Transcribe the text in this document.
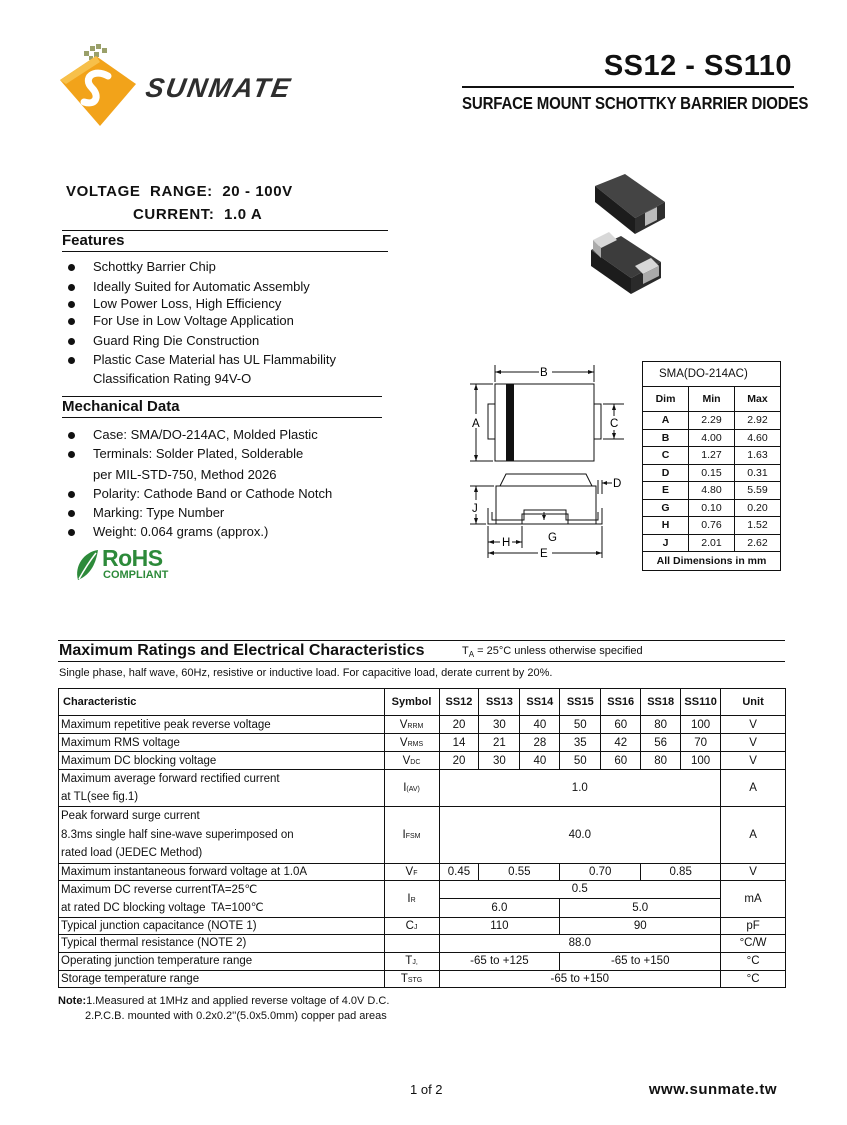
SUNMATE
SS12 - SS110
SURFACE MOUNT SCHOTTKY BARRIER DIODES
VOLTAGE  RANGE: 20 - 100V
CURRENT: 1.0 A
Features
Schottky Barrier Chip
Ideally Suited for Automatic Assembly
Low Power Loss, High Efficiency
For Use in Low Voltage Application
Guard Ring Die Construction
Plastic Case Material has UL Flammability
Classification Rating 94V-O
Mechanical Data
Case: SMA/DO-214AC, Molded Plastic
Terminals: Solder Plated, Solderable
per MIL-STD-750, Method 2026
Polarity: Cathode Band or Cathode Notch
Marking: Type Number
Weight: 0.064 grams (approx.)
RoHS
COMPLIANT
B
A	C
D
J
G
H
E
SMA(DO-214AC)		
Dim	Min	Max
A	2.29	2.92
B	4.00	4.60
C	1.27	1.63
D	0.15	0.31
E	4.80	5.59
G	0.10	0.20
H	0.76	1.52
J	2.01	2.62
All Dimensions in mm		
Maximum Ratings and Electrical Characteristics	$T_A = 25^\circ C$ unless otherwise specified
Single phase, half wave, 60Hz, resistive or inductive load. For capacitive load, derate current by 20%.
Characteristic	Symbol	SS12	SS13	SS14	SS15	SS16	SS18	SS110	Unit
Maximum repetitive peak reverse voltage	VRRM	20	30	40	50	60	80	100	V
Maximum RMS voltage	VRMS	14	21	28	35	42	56	70	V
Maximum DC blocking voltage	VDC	20	30	40	50	60	80	100	V
Maximum average forward rectified current
at TL(see fig.1)	I(AV)	1.0							A
Peak forward surge current
8.3ms single half sine-wave superimposed on
rated load (JEDEC Method)	IFSM	40.0							A
Maximum instantaneous forward voltage at 1.0A	VF	0.45	0.55		0.70		0.85		V
Maximum DC reverse currentTA=25℃
at rated DC blocking voltage TA=100℃	IR	0.5							mA
		6.0			5.0				
Typical junction capacitance (NOTE 1)	CJ	110			90				pF
Typical thermal resistance (NOTE 2)		88.0							°C/W
Operating junction temperature range	TJ,	-65 to +125			-65 to +150				°C
Storage temperature range	TSTG	-65 to +150							°C
Note:1.Measured at 1MHz and applied reverse voltage of 4.0V D.C.
2.P.C.B. mounted with 0.2x0.2''(5.0x5.0mm) copper pad areas
1 of 2	www.sunmate.tw
